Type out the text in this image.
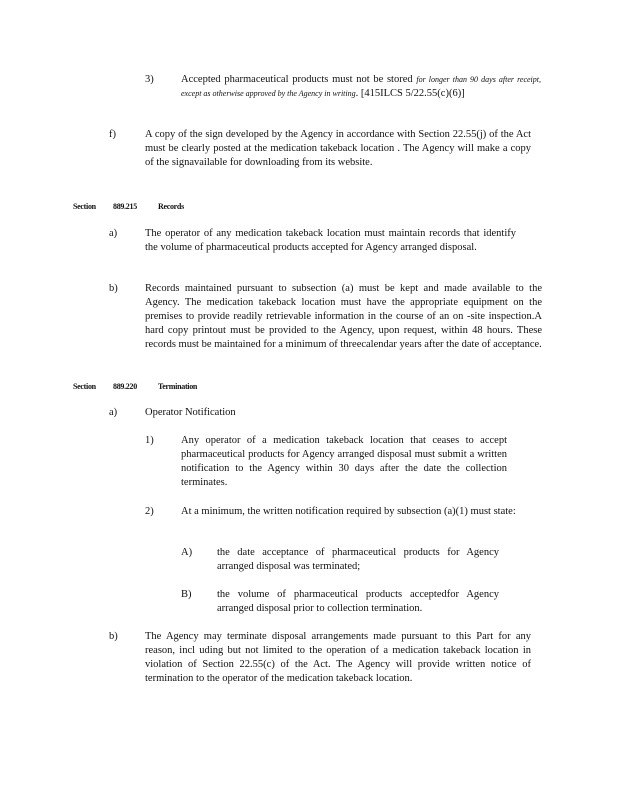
3)	Accepted pharmaceutical products must not be stored for longer than 90 days after receipt, except as otherwise approved by the Agency in writing. [415ILCS 5/22.55(c)(6)]
f)	A copy of the sign developed by the Agency in accordance with Section 22.55(j) of the Act must be clearly posted at the medication takeback location . The Agency will make a copy of the signavailable for downloading from its website.
Section 889.215	Records
a)	The operator of any medication takeback location must maintain records that identify the volume of pharmaceutical products accepted for Agency arranged disposal.
b)	Records maintained pursuant to subsection (a) must be kept and made available to the Agency. The medication takeback location must have the appropriate equipment on the premises to provide readily retrievable information in the course of an on -site inspection.A hard copy printout must be provided to the Agency, upon request, within 48 hours. These records must be maintained for a minimum of threecalendar years after the date of acceptance.
Section 889.220	Termination
a)	Operator Notification
1)	Any operator of a medication takeback location that ceases to accept pharmaceutical products for Agency arranged disposal must submit a written notification to the Agency within 30 days after the date the collection terminates.
2)	At a minimum, the written notification required by subsection (a)(1) must state:
A) the date acceptance of pharmaceutical products for Agency arranged disposal was terminated;
B) the volume of pharmaceutical products acceptedfor Agency arranged disposal prior to collection termination.
b)	The Agency may terminate disposal arrangements made pursuant to this Part for any reason, incl uding but not limited to the operation of a medication takeback location in violation of Section 22.55(c) of the Act. The Agency will provide written notice of termination to the operator of the medication takeback location.
